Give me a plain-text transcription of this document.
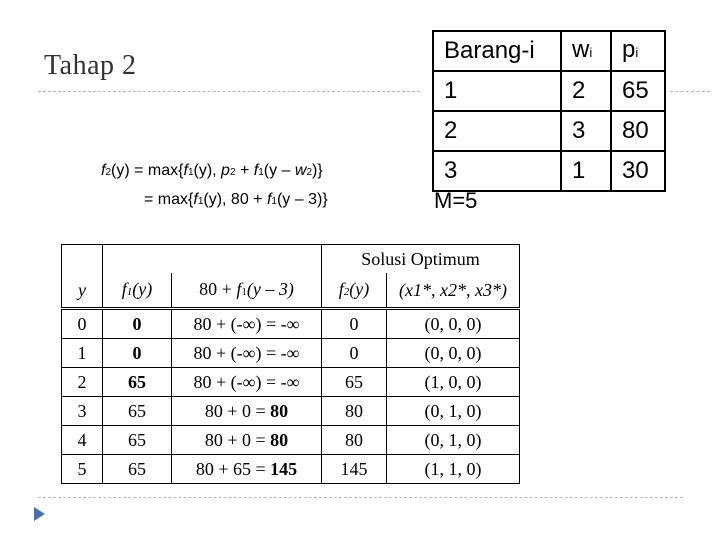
Tahap 2	Barang-i	wi	pi
1	2	65
2	3	80
3	1	30
M=5
f2(y) = max{f1(y), p2 + f1(y – w2)}
= max{f1(y), 80 + f1(y – 3)}
			Solusi Optimum	
y	f1(y)	80 + f1(y – 3)	f2(y)	(x1*, x2*, x3*)
0	0	80 + (-∞) = -∞	0	(0, 0, 0)
1	0	80 + (-∞) = -∞	0	(0, 0, 0)
2	65	80 + (-∞) = -∞	65	(1, 0, 0)
3	65	80 + 0 = 80	80	(0, 1, 0)
4	65	80 + 0 = 80	80	(0, 1, 0)
5	65	80 + 65 = 145	145	(1, 1, 0)
